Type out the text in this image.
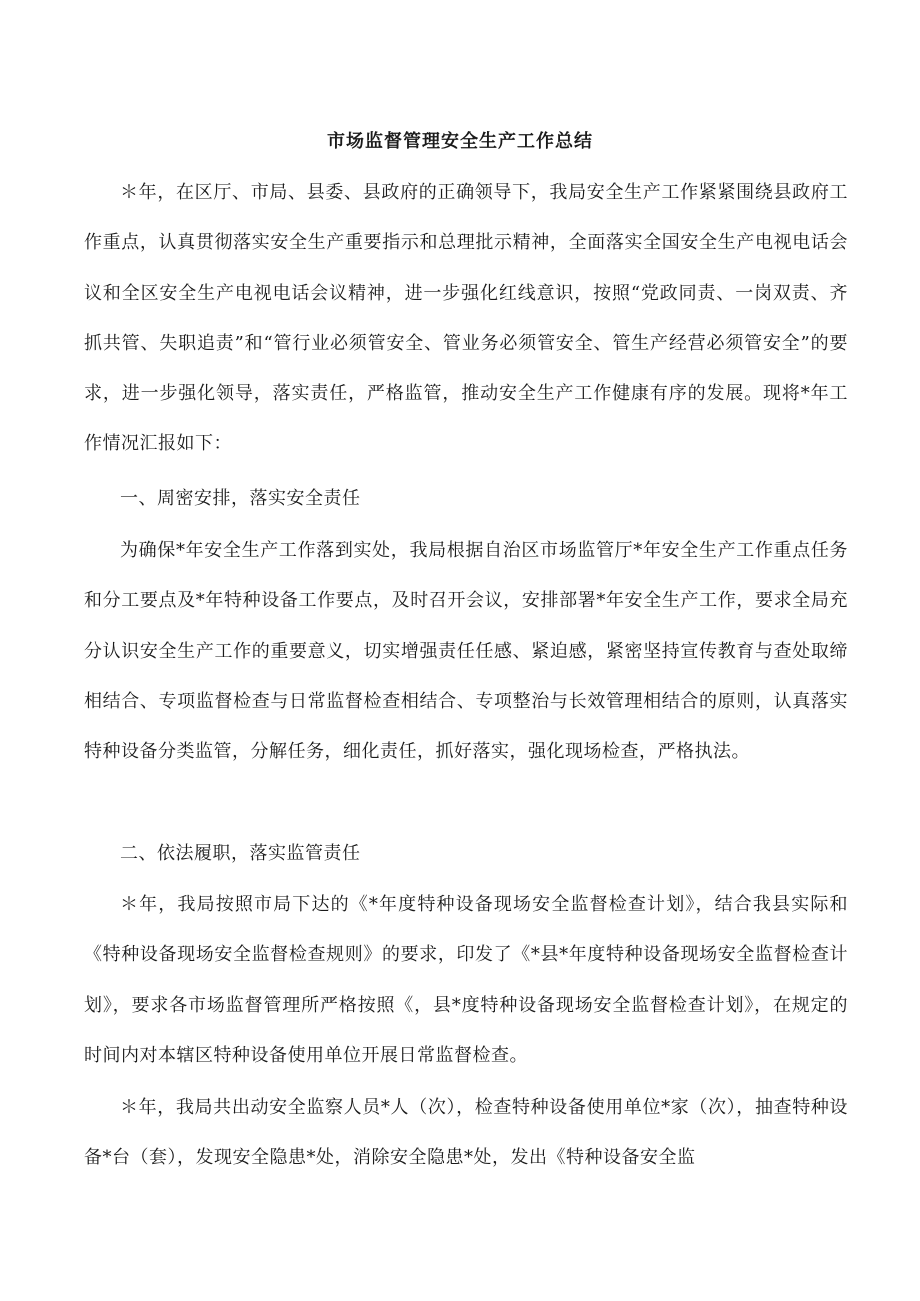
市场监督管理安全生产工作总结

＊年，在区厅、市局、县委、县政府的正确领导下，我局安全生产工作紧紧围绕县政府工作重点，认真贯彻落实安全生产重要指示和总理批示精神，全面落实全国安全生产电视电话会议和全区安全生产电视电话会议精神，进一步强化红线意识，按照“党政同责、一岗双责、齐抓共管、失职追责”和“管行业必须管安全、管业务必须管安全、管生产经营必须管安全”的要求，进一步强化领导，落实责任，严格监管，推动安全生产工作健康有序的发展。现将*年工作情况汇报如下：

一、周密安排，落实安全责任

为确保*年安全生产工作落到实处，我局根据自治区市场监管厅*年安全生产工作重点任务和分工要点及*年特种设备工作要点，及时召开会议，安排部署*年安全生产工作，要求全局充分认识安全生产工作的重要意义，切实增强责任任感、紧迫感，紧密坚持宣传教育与查处取缔相结合、专项监督检查与日常监督检查相结合、专项整治与长效管理相结合的原则，认真落实特种设备分类监管，分解任务，细化责任，抓好落实，强化现场检查，严格执法。

二、依法履职，落实监管责任

＊年，我局按照市局下达的《*年度特种设备现场安全监督检查计划》，结合我县实际和《特种设备现场安全监督检查规则》的要求，印发了《*县*年度特种设备现场安全监督检查计划》，要求各市场监督管理所严格按照《，县*度特种设备现场安全监督检查计划》，在规定的时间内对本辖区特种设备使用单位开展日常监督检查。

＊年，我局共出动安全监察人员*人（次），检查特种设备使用单位*家（次），抽查特种设备*台（套），发现安全隐患*处，消除安全隐患*处，发出《特种设备安全监
